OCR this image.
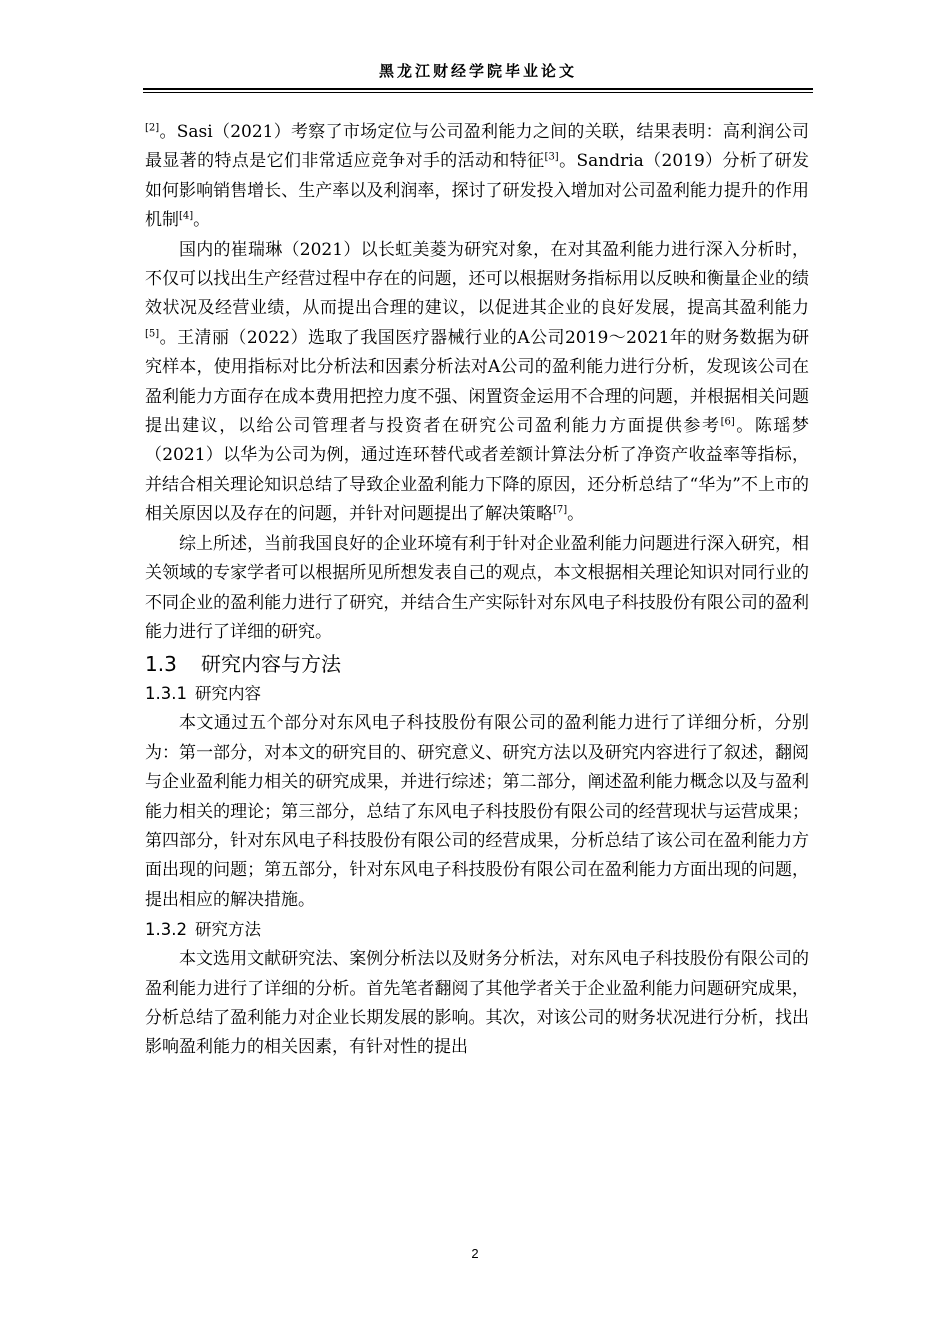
黑龙江财经学院毕业论文

[2]。Sasi（2021）考察了市场定位与公司盈利能力之间的关联，结果表明：高利润公司最显著的特点是它们非常适应竞争对手的活动和特征[3]。Sandria（2019）分析了研发如何影响销售增长、生产率以及利润率，探讨了研发投入增加对公司盈利能力提升的作用机制[4]。

国内的崔瑞琳（2021）以长虹美菱为研究对象，在对其盈利能力进行深入分析时，不仅可以找出生产经营过程中存在的问题，还可以根据财务指标用以反映和衡量企业的绩效状况及经营业绩，从而提出合理的建议，以促进其企业的良好发展，提高其盈利能力[5]。王清丽（2022）选取了我国医疗器械行业的A公司2019～2021年的财务数据为研究样本，使用指标对比分析法和因素分析法对A公司的盈利能力进行分析，发现该公司在盈利能力方面存在成本费用把控力度不强、闲置资金运用不合理的问题，并根据相关问题提出建议，以给公司管理者与投资者在研究公司盈利能力方面提供参考[6]。陈瑶梦（2021）以华为公司为例，通过连环替代或者差额计算法分析了净资产收益率等指标，并结合相关理论知识总结了导致企业盈利能力下降的原因，还分析总结了“华为”不上市的相关原因以及存在的问题，并针对问题提出了解决策略[7]。

综上所述，当前我国良好的企业环境有利于针对企业盈利能力问题进行深入研究，相关领域的专家学者可以根据所见所想发表自己的观点，本文根据相关理论知识对同行业的不同企业的盈利能力进行了研究，并结合生产实际针对东风电子科技股份有限公司的盈利能力进行了详细的研究。

1.3 研究内容与方法
1.3.1 研究内容

本文通过五个部分对东风电子科技股份有限公司的盈利能力进行了详细分析，分别为：第一部分，对本文的研究目的、研究意义、研究方法以及研究内容进行了叙述，翻阅与企业盈利能力相关的研究成果，并进行综述；第二部分，阐述盈利能力概念以及与盈利能力相关的理论；第三部分，总结了东风电子科技股份有限公司的经营现状与运营成果；第四部分，针对东风电子科技股份有限公司的经营成果，分析总结了该公司在盈利能力方面出现的问题；第五部分，针对东风电子科技股份有限公司在盈利能力方面出现的问题，提出相应的解决措施。

1.3.2 研究方法

本文选用文献研究法、案例分析法以及财务分析法，对东风电子科技股份有限公司的盈利能力进行了详细的分析。首先笔者翻阅了其他学者关于企业盈利能力问题研究成果，分析总结了盈利能力对企业长期发展的影响。其次，对该公司的财务状况进行分析，找出影响盈利能力的相关因素，有针对性的提出

2
